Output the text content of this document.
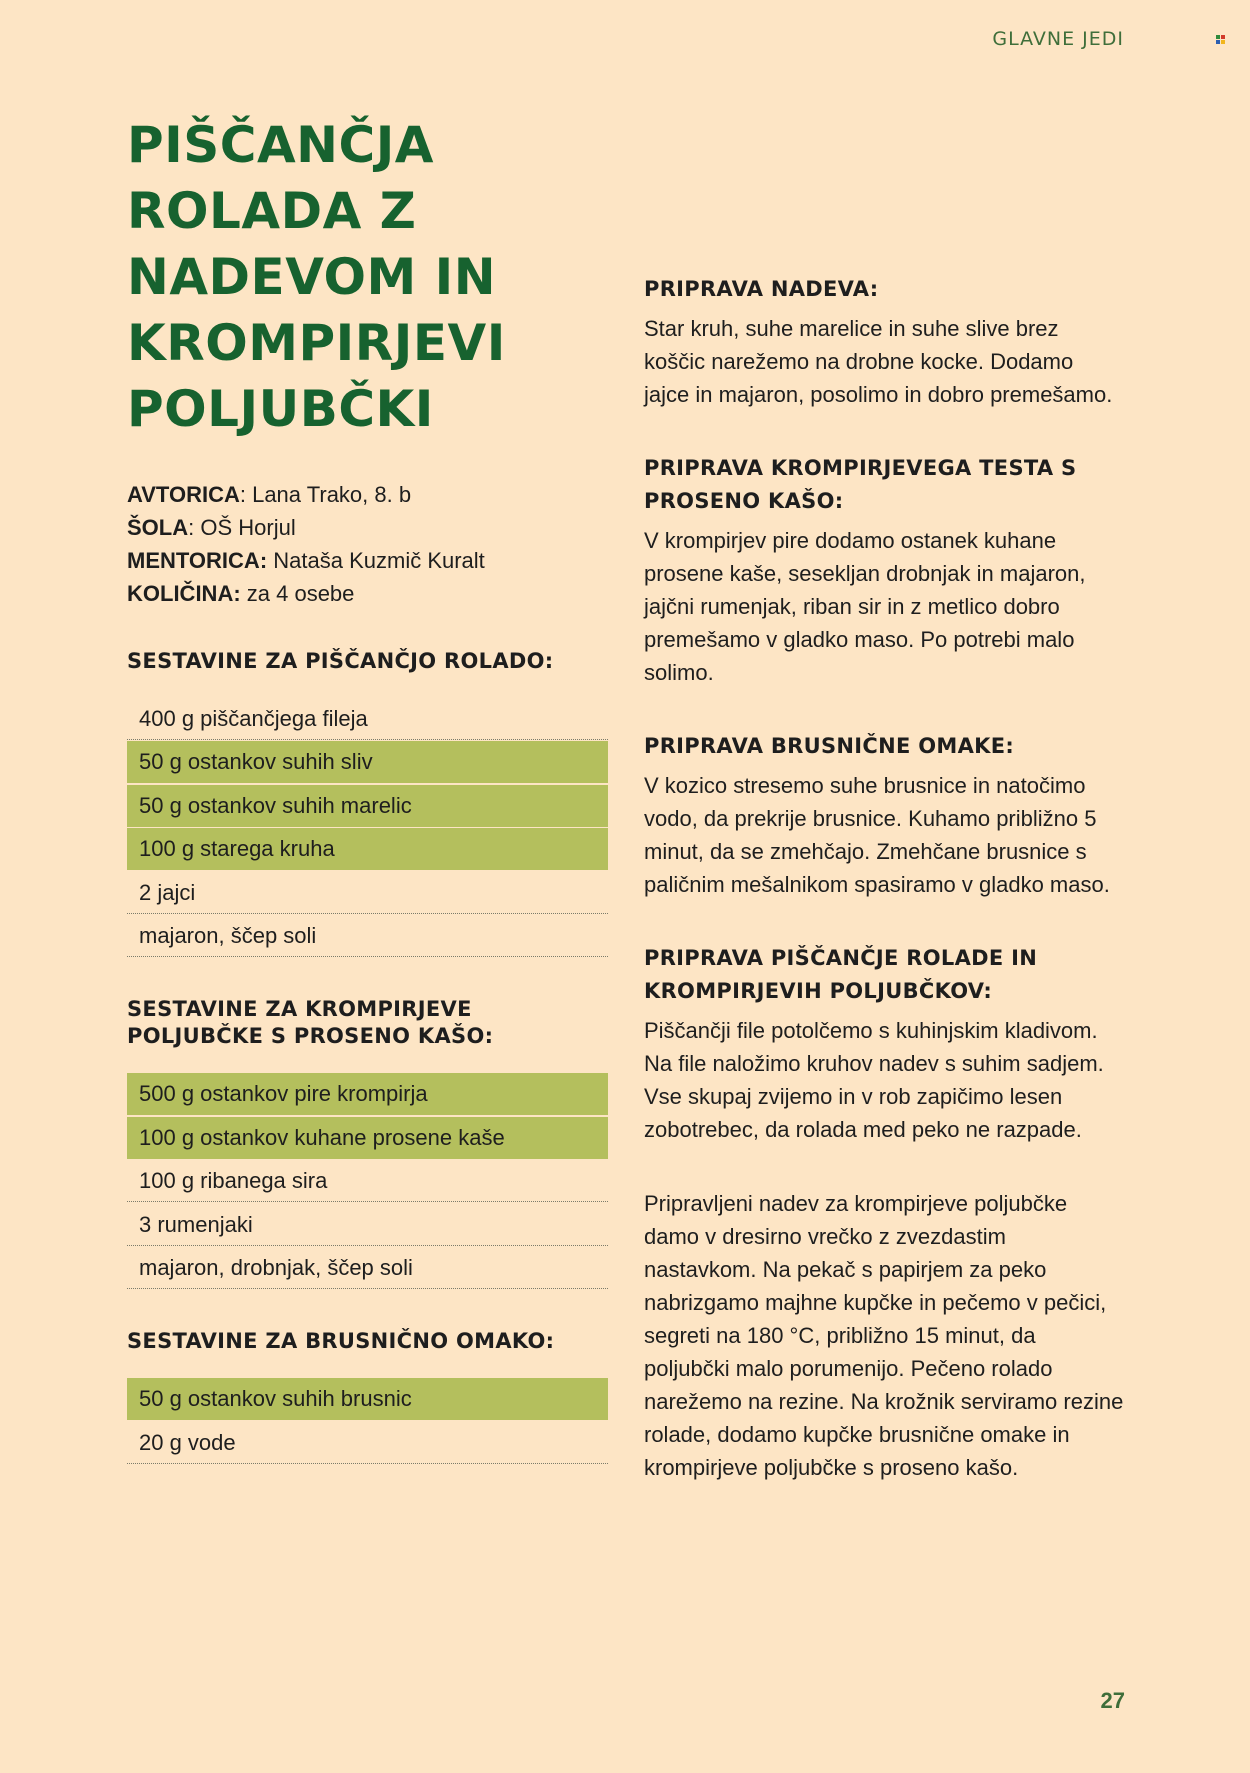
GLAVNE JEDI
PIŠČANČJA ROLADA Z NADEVOM IN KROMPIRJEVI POLJUBČKI
AVTORICA: Lana Trako, 8. b
ŠOLA: OŠ Horjul
MENTORICA: Nataša Kuzmič Kuralt
KOLIČINA: za 4 osebe
SESTAVINE ZA PIŠČANČJO ROLADO:
400 g piščančjega fileja
50 g ostankov suhih sliv
50 g ostankov suhih marelic
100 g starega kruha
2 jajci
majaron, ščep soli
SESTAVINE ZA KROMPIRJEVE POLJUBČKE S PROSENO KAŠO:
500 g ostankov pire krompirja
100 g ostankov kuhane prosene kaše
100 g ribanega sira
3 rumenjaki
majaron, drobnjak, ščep soli
SESTAVINE ZA BRUSNIČNO OMAKO:
50 g ostankov suhih brusnic
20 g vode
PRIPRAVA NADEVA:

Star kruh, suhe marelice in suhe slive brez koščic narežemo na drobne kocke. Dodamo jajce in majaron, posolimo in dobro premešamo.

PRIPRAVA KROMPIRJEVEGA TESTA S PROSENO KAŠO:

V krompirjev pire dodamo ostanek kuhane prosene kaše, sesekljan drobnjak in majaron, jajčni rumenjak, riban sir in z metlico dobro premešamo v gladko maso. Po potrebi malo solimo.

PRIPRAVA BRUSNIČNE OMAKE:

V kozico stresemo suhe brusnice in natočimo vodo, da prekrije brusnice. Kuhamo približno 5 minut, da se zmehčajo. Zmehčane brusnice s paličnim mešalnikom spasiramo v gladko maso.

PRIPRAVA PIŠČANČJE ROLADE IN KROMPIRJEVIH POLJUBČKOV:

Piščančji file potolčemo s kuhinjskim kladivom. Na file naložimo kruhov nadev s suhim sadjem. Vse skupaj zvijemo in v rob zapičimo lesen zobotrebec, da rolada med peko ne razpade.

Pripravljeni nadev za krompirjeve poljubčke damo v dresirno vrečko z zvezdastim nastavkom. Na pekač s papirjem za peko nabrizgamo majhne kupčke in pečemo v pečici, segreti na 180 °C, približno 15 minut, da poljubčki malo porumenijo. Pečeno rolado narežemo na rezine. Na krožnik serviramo rezine rolade, dodamo kupčke brusnične omake in krompirjeve poljubčke s proseno kašo.

27
